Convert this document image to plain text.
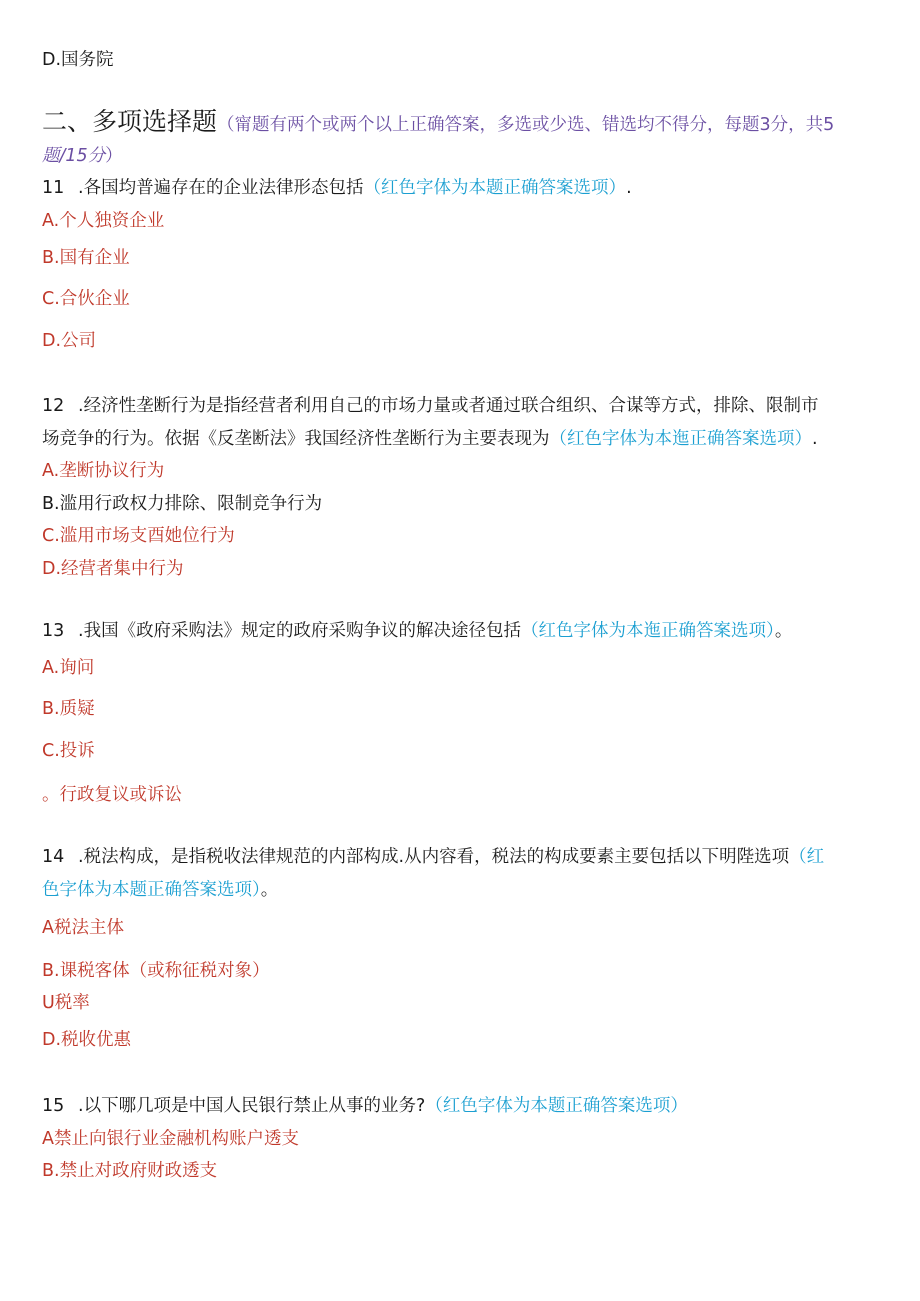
D.国务院
二、多项选择题（甯题有两个或两个以上正确答案，多选或少选、错选均不得分，每题3分，共5
题/15分）
11 .各国均普遍存在的企业法律形态包括（红色字体为本题正确答案选项）.
A.个人独资企业
B.国有企业
C.合伙企业
D.公司
12 .经济性垄断行为是指经营者利用自己的市场力量或者通过联合组织、合谋等方式，排除、限制市
场竞争的行为。依据《反垄断法》我国经济性垄断行为主要表现为（红色字体为本迤正确答案选项）.
A.垄断协议行为
B.滥用行政权力排除、限制竞争行为
C.滥用市场支酉她位行为
D.经营者集中行为
13 .我国《政府采购法》规定的政府采购争议的解决途径包括（红色字体为本迤正确答案选项）。
A.询问
B.质疑
C.投诉
。行政复议或诉讼
14 .税法构成，是指税收法律规范的内部构成.从内容看，税法的构成要素主要包括以下明陛选项（红
色字体为本题正确答案选项）。
A税法主体
B.课税客体（或称征税对象）
U税率
D.税收优惠
15 .以下哪几项是中国人民银行禁止从事的业务?（红色字体为本题正确答案选项）
A禁止向银行业金融机构账户透支
B.禁止对政府财政透支
